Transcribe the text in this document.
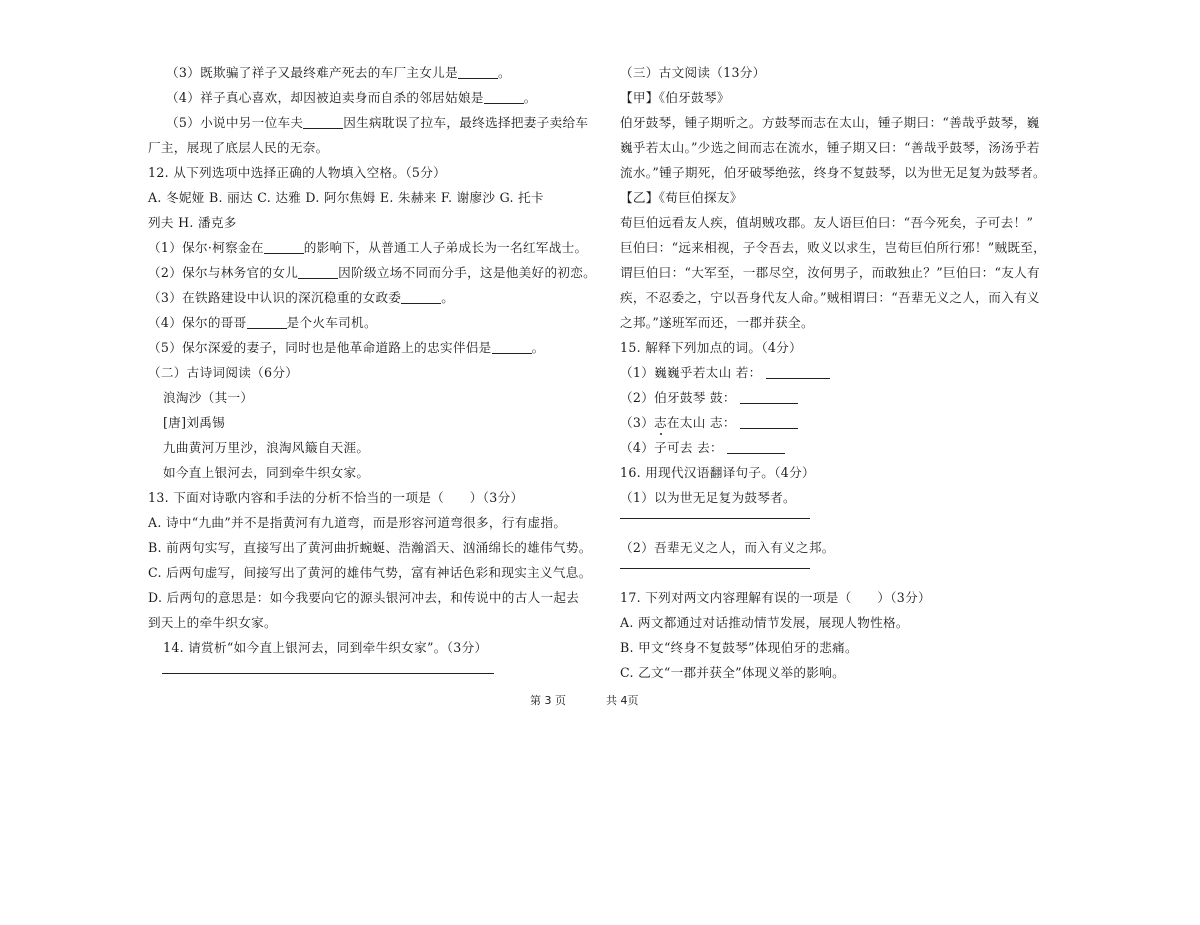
（3）既欺骗了祥子又最终难产死去的车厂主女儿是	。
（4）祥子真心喜欢，却因被迫卖身而自杀的邻居姑娘是	。
（5）小说中另一位车夫	因生病耽误了拉车，最终选择把妻子卖给车
厂主，展现了底层人民的无奈。
12. 从下列选项中选择正确的人物填入空格。（5分）
A. 冬妮娅 B. 丽达 C. 达雅 D. 阿尔焦姆 E. 朱赫来 F. 谢廖沙 G. 托卡
列夫 H. 潘克多
（1）保尔·柯察金在	的影响下，从普通工人子弟成长为一名红军战士。
（2）保尔与林务官的女儿	因阶级立场不同而分手，这是他美好的初恋。
（3）在铁路建设中认识的深沉稳重的女政委	。
（4）保尔的哥哥	是个火车司机。
（5）保尔深爱的妻子，同时也是他革命道路上的忠实伴侣是	。
（二）古诗词阅读（6分）
浪淘沙（其一）
[唐]刘禹锡
九曲黄河万里沙，浪淘风簸自天涯。
如今直上银河去，同到牵牛织女家。
13. 下面对诗歌内容和手法的分析不恰当的一项是（　　）（3分）
A. 诗中“九曲”并不是指黄河有九道弯，而是形容河道弯很多，行有虚指。
B. 前两句实写，直接写出了黄河曲折蜿蜒、浩瀚滔天、汹涌绵长的雄伟气势。
C. 后两句虚写，间接写出了黄河的雄伟气势，富有神话色彩和现实主义气息。
D. 后两句的意思是：如今我要向它的源头银河冲去，和传说中的古人一起去
到天上的牵牛织女家。
14. 请赏析“如今直上银河去，同到牵牛织女家”。（3分）
（三）古文阅读（13分）
【甲】《伯牙鼓琴》
伯牙鼓琴，锺子期听之。方鼓琴而志在太山，锺子期曰：“善哉乎鼓琴，巍
巍乎若太山。”少选之间而志在流水，锺子期又曰：“善哉乎鼓琴，汤汤乎若
流水。”锺子期死，伯牙破琴绝弦，终身不复鼓琴，以为世无足复为鼓琴者。
【乙】《荀巨伯探友》
荀巨伯远看友人疾，值胡贼攻郡。友人语巨伯曰：“吾今死矣，子可去！”
巨伯曰：“远来相视，子令吾去，败义以求生，岂荀巨伯所行邪！”贼既至，
谓巨伯曰：“大军至，一郡尽空，汝何男子，而敢独止？”巨伯曰：“友人有
疾，不忍委之，宁以吾身代友人命。”贼相谓曰：“吾辈无义之人，而入有义
之邦。”遂班军而还，一郡并获全。
15. 解释下列加点的词。（4分）
（1）巍巍乎若太山 若：
（2）伯牙鼓琴 鼓：
（3）志在太山 志：
（4）子可去 去：
16. 用现代汉语翻译句子。（4分）
（1）以为世无足复为鼓琴者。
（2）吾辈无义之人，而入有义之邦。
17. 下列对两文内容理解有误的一项是（　　）（3分）
A. 两文都通过对话推动情节发展，展现人物性格。
B. 甲文“终身不复鼓琴”体现伯牙的悲痛。
C. 乙文“一郡并获全”体现义举的影响。
第 3 页	共 4页
